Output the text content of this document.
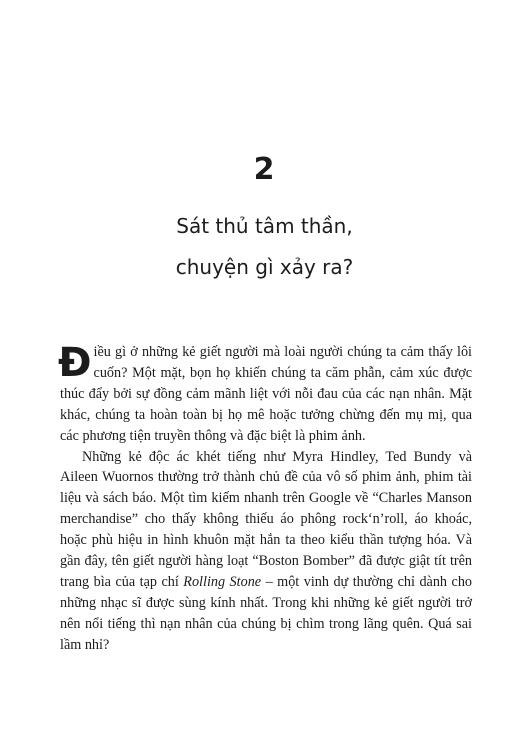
2
Sát thủ tâm thần,
chuyện gì xảy ra?

Điều gì ở những kẻ giết người mà loài người chúng ta cảm thấy lôi cuốn? Một mặt, bọn họ khiến chúng ta căm phẫn, cảm xúc được thúc đẩy bởi sự đồng cảm mãnh liệt với nỗi đau của các nạn nhân. Mặt khác, chúng ta hoàn toàn bị họ mê hoặc tưởng chừng đến mụ mị, qua các phương tiện truyền thông và đặc biệt là phim ảnh.

Những kẻ độc ác khét tiếng như Myra Hindley, Ted Bundy và Aileen Wuornos thường trở thành chủ đề của vô số phim ảnh, phim tài liệu và sách báo. Một tìm kiếm nhanh trên Google về “Charles Manson merchandise” cho thấy không thiếu áo phông rock‘n’roll, áo khoác, hoặc phù hiệu in hình khuôn mặt hắn ta theo kiểu thần tượng hóa. Và gần đây, tên giết người hàng loạt “Boston Bomber” đã được giật tít trên trang bìa của tạp chí Rolling Stone – một vinh dự thường chỉ dành cho những nhạc sĩ được sùng kính nhất. Trong khi những kẻ giết người trở nên nổi tiếng thì nạn nhân của chúng bị chìm trong lãng quên. Quá sai lầm nhỉ?
